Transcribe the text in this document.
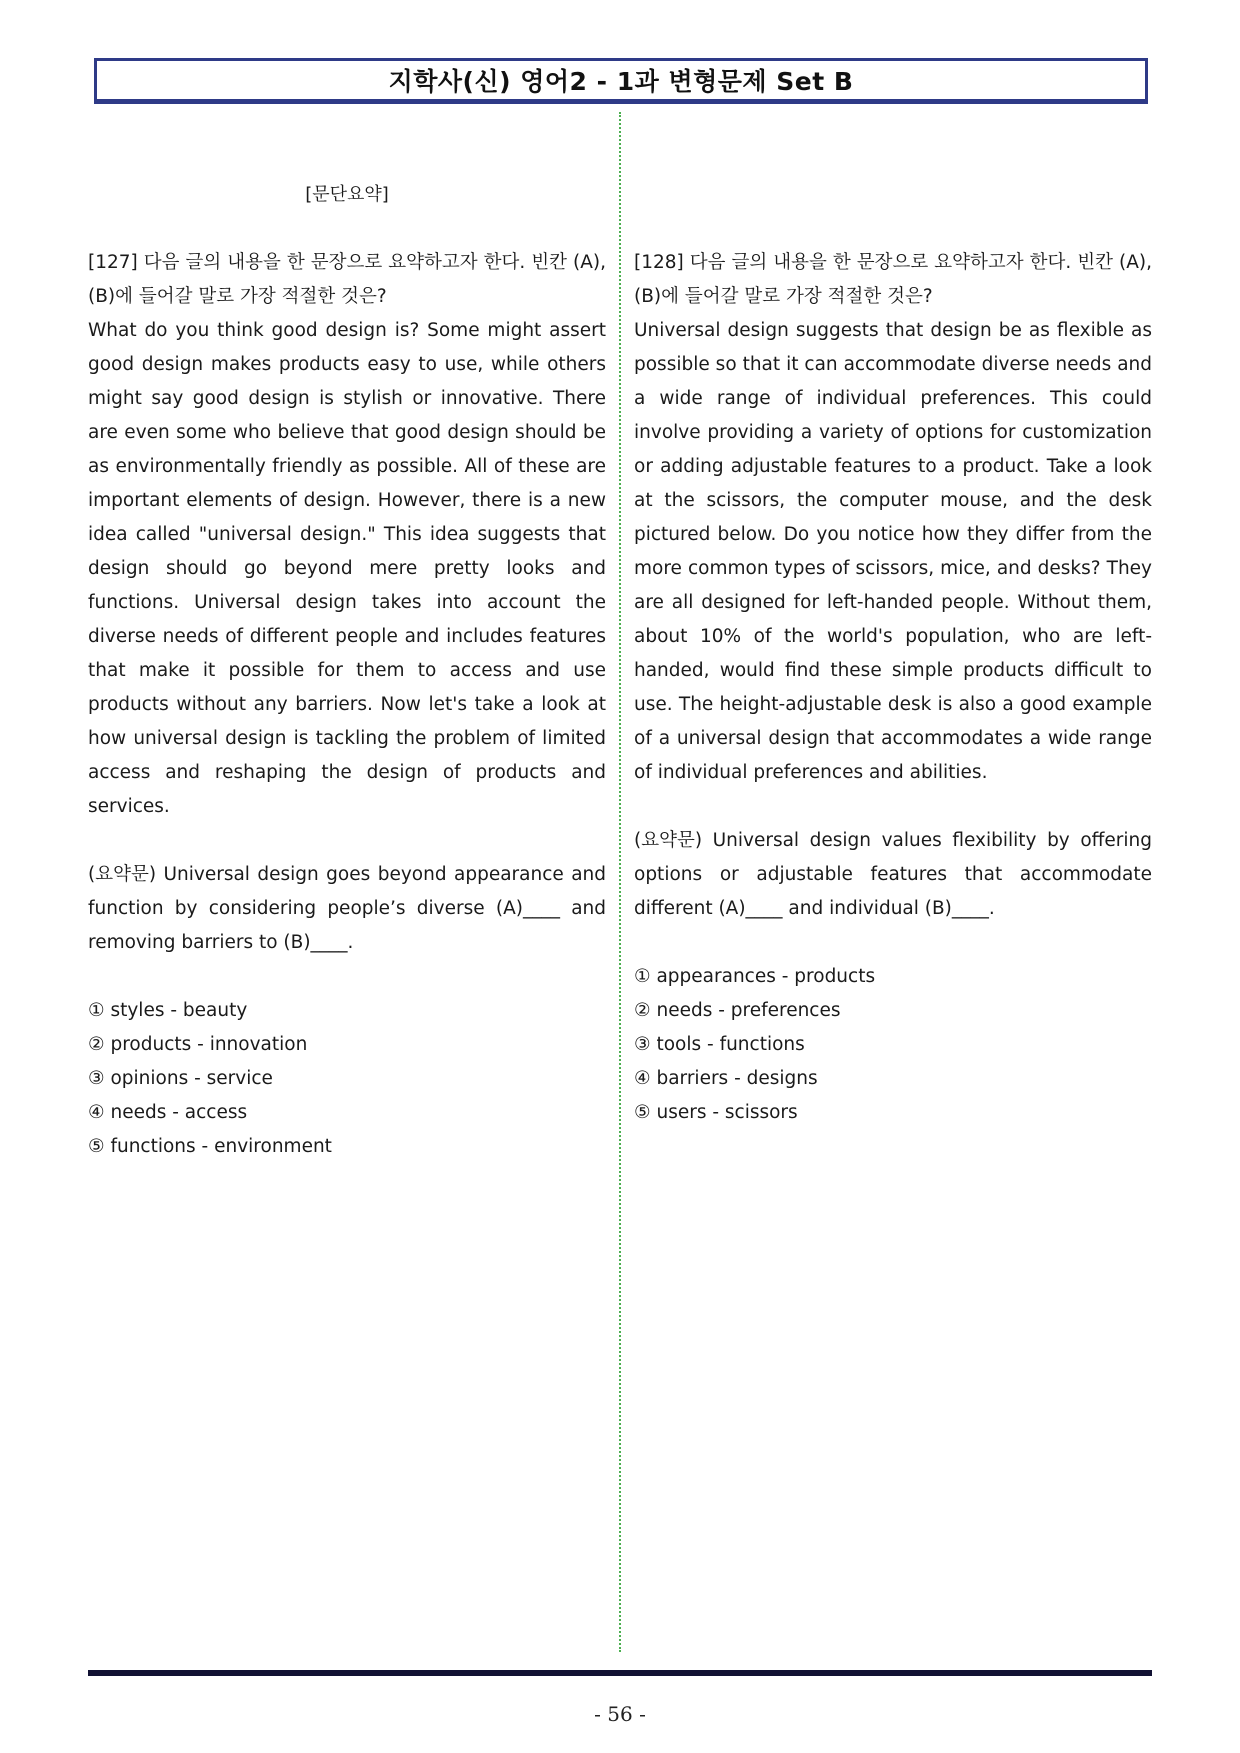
지학사(신) 영어2 - 1과 변형문제 Set B
[문단요약]

[127] 다음 글의 내용을 한 문장으로 요약하고자 한다. 빈칸 (A),(B)에 들어갈 말로 가장 적절한 것은?

What do you think good design is? Some might assert good design makes products easy to use, while others might say good design is stylish or innovative. There are even some who believe that good design should be as environmentally friendly as possible. All of these are important elements of design. However, there is a new idea called "universal design." This idea suggests that design should go beyond mere pretty looks and functions. Universal design takes into account the diverse needs of different people and includes features that make it possible for them to access and use products without any barriers. Now let's take a look at how universal design is tackling the problem of limited access and reshaping the design of products and services.

(요약문) Universal design goes beyond appearance and function by considering people’s diverse (A)____ and removing barriers to (B)____.

① styles - beauty
② products - innovation
③ opinions - service
④ needs - access
⑤ functions - environment

[128] 다음 글의 내용을 한 문장으로 요약하고자 한다. 빈칸 (A),(B)에 들어갈 말로 가장 적절한 것은?

Universal design suggests that design be as flexible as possible so that it can accommodate diverse needs and a wide range of individual preferences. This could involve providing a variety of options for customization or adding adjustable features to a product. Take a look at the scissors, the computer mouse, and the desk pictured below. Do you notice how they differ from the more common types of scissors, mice, and desks? They are all designed for left-handed people. Without them, about 10% of the world's population, who are left-handed, would find these simple products difficult to use. The height-adjustable desk is also a good example of a universal design that accommodates a wide range of individual preferences and abilities.

(요약문) Universal design values flexibility by offering options or adjustable features that accommodate different (A)____ and individual (B)____.

① appearances - products
② needs - preferences
③ tools - functions
④ barriers - designs
⑤ users - scissors
- 56 -
